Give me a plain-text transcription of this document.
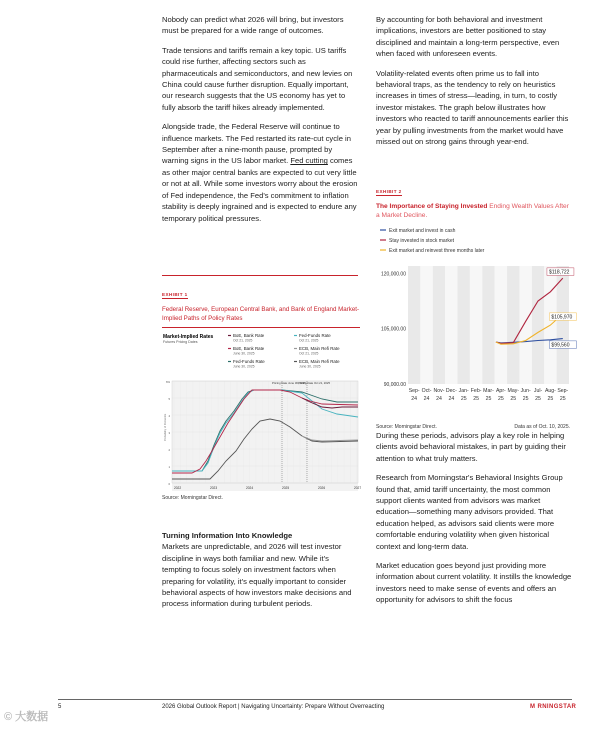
Nobody can predict what 2026 will bring, but investors must be prepared for a wide range of outcomes.

Trade tensions and tariffs remain a key topic. US tariffs could rise further, affecting sectors such as pharmaceuticals and semiconductors, and new levies on China could cause further disruption. Equally important, our research suggests that the US economy has yet to fully absorb the tariff hikes already implemented.

Alongside trade, the Federal Reserve will continue to influence markets. The Fed restarted its rate-cut cycle in September after a nine-month pause, prompted by warning signs in the US labor market. Fed cutting comes as other major central banks are expected to cut very little or not at all. While some investors worry about the erosion of Fed independence, the Fed's commitment to inflation stability is deeply ingrained and is expected to endure any temporary political pressures.

EXHIBIT 1
Federal Reserve, European Central Bank, and Bank of England Market-Implied Paths of Policy Rates
Market-Implied Rates
Futures Pricing Dates
BoE, Bank Rate
Oct 21, 2025
Fed-Funds Rate
Oct 21, 2025
BoE, Bank Rate
June 30, 2025
ECB, Main Refi Rate
Oct 21, 2025
Fed-Funds Rate
June 30, 2025
ECB, Main Refi Rate
June 30, 2025
6%
5
4
3
2
1
0
Probability of Percentile
Pricing Date June 30, 2025
Pricing Date Oct 21, 2025
2022	2023	2024	2025	2026	2027
Source: Morningstar Direct.
Turning Information Into Knowledge

Markets are unpredictable, and 2026 will test investor discipline in ways both familiar and new. While it's tempting to focus solely on investment factors when preparing for volatility, it's equally important to consider behavioral aspects of how investors make decisions and process information during turbulent periods.

By accounting for both behavioral and investment implications, investors are better positioned to stay disciplined and maintain a long-term perspective, even when faced with unforeseen events.

Volatility-related events often prime us to fall into behavioral traps, as the tendency to rely on heuristics increases in times of stress—leading, in turn, to costly investor mistakes. The graph below illustrates how investors who reacted to tariff announcements earlier this year by pulling investments from the market would have missed out on strong gains through year-end.

EXHIBIT 2
The Importance of Staying Invested Ending Wealth Values After a Market Decline.
Exit market and invest in cash
Stay invested in stock market
Exit market and reinvest three months later
120,000.00
105,000.00
90,000.00
Sep-
24
Oct-
24
Nov-
24
Dec-
24
Jan-
25
Feb-
25
Mar-
25
Apr-
25
May-
25
Jun-
25
Jul-
25
Aug-
25
Sep-
25
$118,722
$105,970
$99,560
Source: Morningstar Direct.	Data as of Oct. 10, 2025.

During these periods, advisors play a key role in helping clients avoid behavioral mistakes, in part by guiding their attention to what truly matters.

Research from Morningstar's Behavioral Insights Group found that, amid tariff uncertainty, the most common support clients wanted from advisors was market education—something many advisors provided. That education helped, as advisors said clients were more comfortable enduring volatility when given historical context and long-term data.

Market education goes beyond just providing more information about current volatility. It instills the knowledge investors need to make sense of events and offers an opportunity for advisors to shift the focus

5	2026 Global Outlook Report | Navigating Uncertainty: Prepare Without Overreacting	M RNINGSTAR
© 大数据
